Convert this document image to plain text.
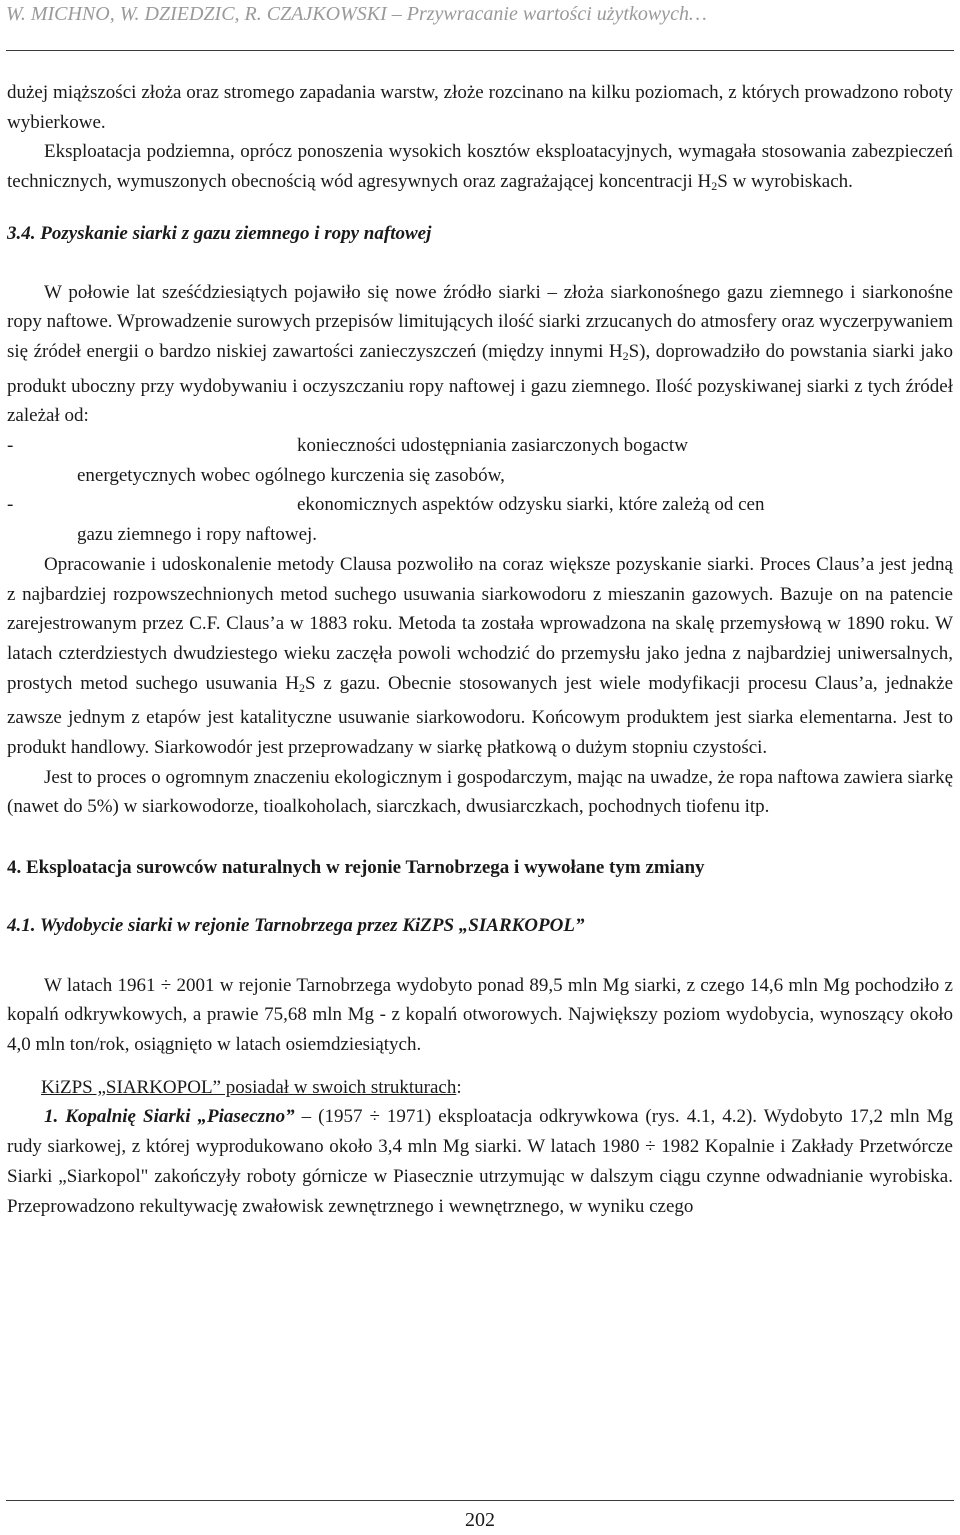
W. MICHNO, W. DZIEDZIC, R. CZAJKOWSKI – Przywracanie wartości użytkowych…

dużej miąższości złoża oraz stromego zapadania warstw, złoże rozcinano na kilku poziomach, z których prowadzono roboty wybierkowe.

Eksploatacja podziemna, oprócz ponoszenia wysokich kosztów eksploatacyjnych, wymagała stosowania zabezpieczeń technicznych, wymuszonych obecnością wód agresywnych oraz zagrażającej koncentracji $H_2S$ w wyrobiskach.

3.4. Pozyskanie siarki z gazu ziemnego i ropy naftowej

W połowie lat sześćdziesiątych pojawiło się nowe źródło siarki – złoża siarkonośnego gazu ziemnego i siarkonośne ropy naftowe. Wprowadzenie surowych przepisów limitujących ilość siarki zrzucanych do atmosfery oraz wyczerpywaniem się źródeł energii o bardzo niskiej zawartości zanieczyszczeń (między innymi $H_2S$), doprowadziło do powstania siarki jako produkt uboczny przy wydobywaniu i oczyszczaniu ropy naftowej i gazu ziemnego. Ilość pozyskiwanej siarki z tych źródeł zależał od:

-	konieczności udostępniania zasiarczonych bogactw
energetycznych wobec ogólnego kurczenia się zasobów,
-	ekonomicznych aspektów odzysku siarki, które zależą od cen
gazu ziemnego i ropy naftowej.

Opracowanie i udoskonalenie metody Clausa pozwoliło na coraz większe pozyskanie siarki. Proces Claus’a jest jedną z najbardziej rozpowszechnionych metod suchego usuwania siarkowodoru z mieszanin gazowych. Bazuje on na patencie zarejestrowanym przez C.F. Claus’a w 1883 roku. Metoda ta została wprowadzona na skalę przemysłową w 1890 roku. W latach czterdziestych dwudziestego wieku zaczęła powoli wchodzić do przemysłu jako jedna z najbardziej uniwersalnych, prostych metod suchego usuwania $H_2S$ z gazu. Obecnie stosowanych jest wiele modyfikacji procesu Claus’a, jednakże zawsze jednym z etapów jest katalityczne usuwanie siarkowodoru. Końcowym produktem jest siarka elementarna. Jest to produkt handlowy. Siarkowodór jest przeprowadzany w siarkę płatkową o dużym stopniu czystości.

Jest to proces o ogromnym znaczeniu ekologicznym i gospodarczym, mając na uwadze, że ropa naftowa zawiera siarkę (nawet do 5%) w siarkowodorze, tioalkoholach, siarczkach, dwusiarczkach, pochodnych tiofenu itp.

4. Eksploatacja surowców naturalnych w rejonie Tarnobrzega i wywołane tym zmiany

4.1. Wydobycie siarki w rejonie Tarnobrzega przez KiZPS „SIARKOPOL”

W latach 1961 ÷ 2001 w rejonie Tarnobrzega wydobyto ponad 89,5 mln Mg siarki, z czego 14,6 mln Mg pochodziło z kopalń odkrywkowych, a prawie 75,68 mln Mg - z kopalń otworowych. Największy poziom wydobycia, wynoszący około 4,0 mln ton/rok, osiągnięto w latach osiemdziesiątych.

KiZPS „SIARKOPOL” posiadał w swoich strukturach:

1. Kopalnię Siarki „Piaseczno” – (1957 ÷ 1971) eksploatacja odkrywkowa (rys. 4.1, 4.2). Wydobyto 17,2 mln Mg rudy siarkowej, z której wyprodukowano około 3,4 mln Mg siarki. W latach 1980 ÷ 1982 Kopalnie i Zakłady Przetwórcze Siarki „Siarkopol" zakończyły roboty górnicze w Piasecznie utrzymując w dalszym ciągu czynne odwadnianie wyrobiska. Przeprowadzono rekultywację zwałowisk zewnętrznego i wewnętrznego, w wyniku czego

202
